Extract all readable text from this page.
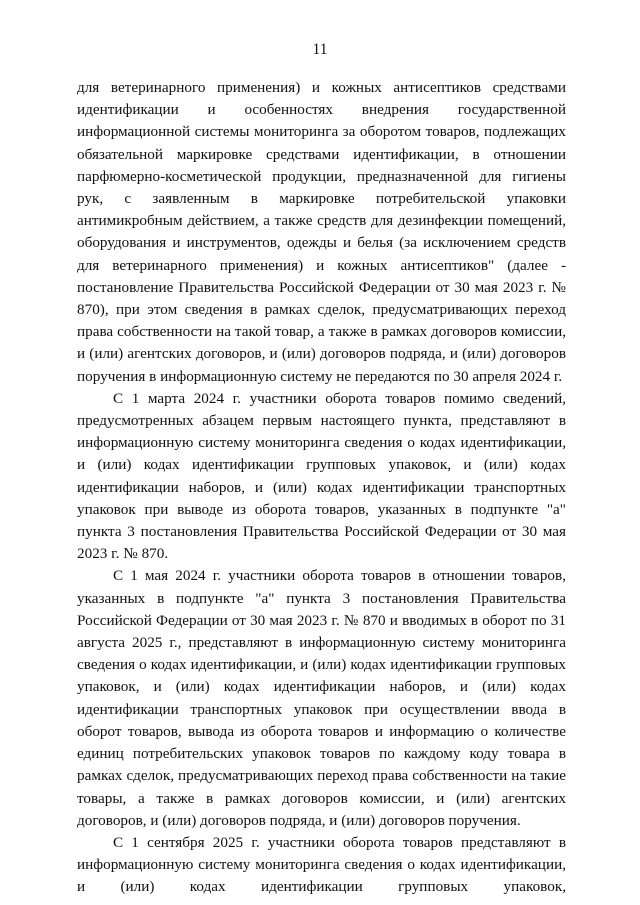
11

для ветеринарного применения) и кожных антисептиков средствами идентификации и особенностях внедрения государственной информационной системы мониторинга за оборотом товаров, подлежащих обязательной маркировке средствами идентификации, в отношении парфюмерно-косметической продукции, предназначенной для гигиены рук, с заявленным в маркировке потребительской упаковки антимикробным действием, а также средств для дезинфекции помещений, оборудования и инструментов, одежды и белья (за исключением средств для ветеринарного применения) и кожных антисептиков" (далее - постановление Правительства Российской Федерации от 30 мая 2023 г. № 870), при этом сведения в рамках сделок, предусматривающих переход права собственности на такой товар, а также в рамках договоров комиссии, и (или) агентских договоров, и (или) договоров подряда, и (или) договоров поручения в информационную систему не передаются по 30 апреля 2024 г.

С 1 марта 2024 г. участники оборота товаров помимо сведений, предусмотренных абзацем первым настоящего пункта, представляют в информационную систему мониторинга сведения о кодах идентификации, и (или) кодах идентификации групповых упаковок, и (или) кодах идентификации наборов, и (или) кодах идентификации транспортных упаковок при выводе из оборота товаров, указанных в подпункте "а" пункта 3 постановления Правительства Российской Федерации от 30 мая 2023 г. № 870.

С 1 мая 2024 г. участники оборота товаров в отношении товаров, указанных в подпункте "а" пункта 3 постановления Правительства Российской Федерации от 30 мая 2023 г. № 870 и вводимых в оборот по 31 августа 2025 г., представляют в информационную систему мониторинга сведения о кодах идентификации, и (или) кодах идентификации групповых упаковок, и (или) кодах идентификации наборов, и (или) кодах идентификации транспортных упаковок при осуществлении ввода в оборот товаров, вывода из оборота товаров и информацию о количестве единиц потребительских упаковок товаров по каждому коду товара в рамках сделок, предусматривающих переход права собственности на такие товары, а также в рамках договоров комиссии, и (или) агентских договоров, и (или) договоров подряда, и (или) договоров поручения.

С 1 сентября 2025 г. участники оборота товаров представляют в информационную систему мониторинга сведения о кодах идентификации, и (или) кодах идентификации групповых упаковок,
